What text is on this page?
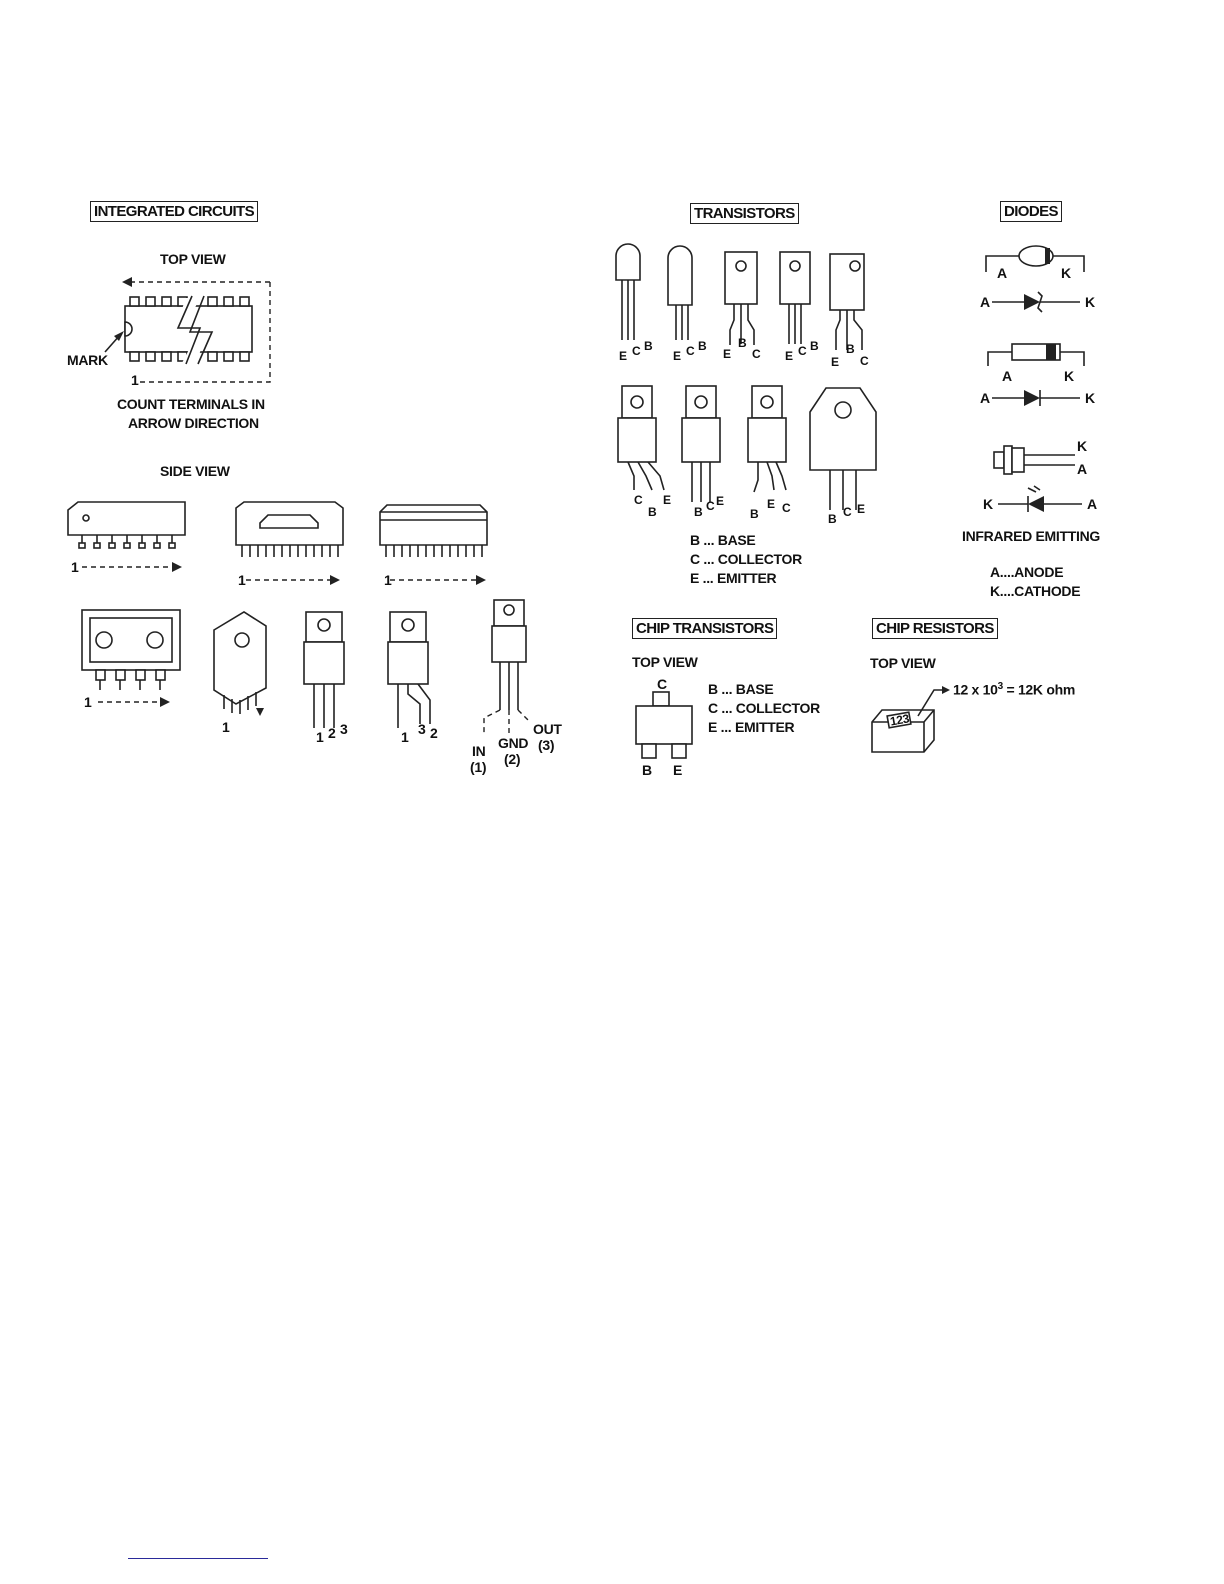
INTEGRATED CIRCUITS	TRANSISTORS	DIODES
CHIP TRANSISTORS	CHIP RESISTORS
TOP VIEW
MARK
1
COUNT TERMINALS IN
ARROW DIRECTION
SIDE VIEW
1
1	1
1
1
1 2 3	1 3 2
IN
(1)
GND
(2)
OUT
(3)
E C B
E C B
E
B
C E C B
E
B
C
C
B
E
B C E
B
E C
B C E
B ... BASE
C ... COLLECTOR
E ... EMITTER
A	K
A	K
A	K
A	K
K
A
K	A
INFRARED EMITTING
A....ANODE
K....CATHODE
TOP VIEW
C
B E
B ... BASE
C ... COLLECTOR
E ... EMITTER
TOP VIEW
123
12 x $10^3 = 12K$ ohm
